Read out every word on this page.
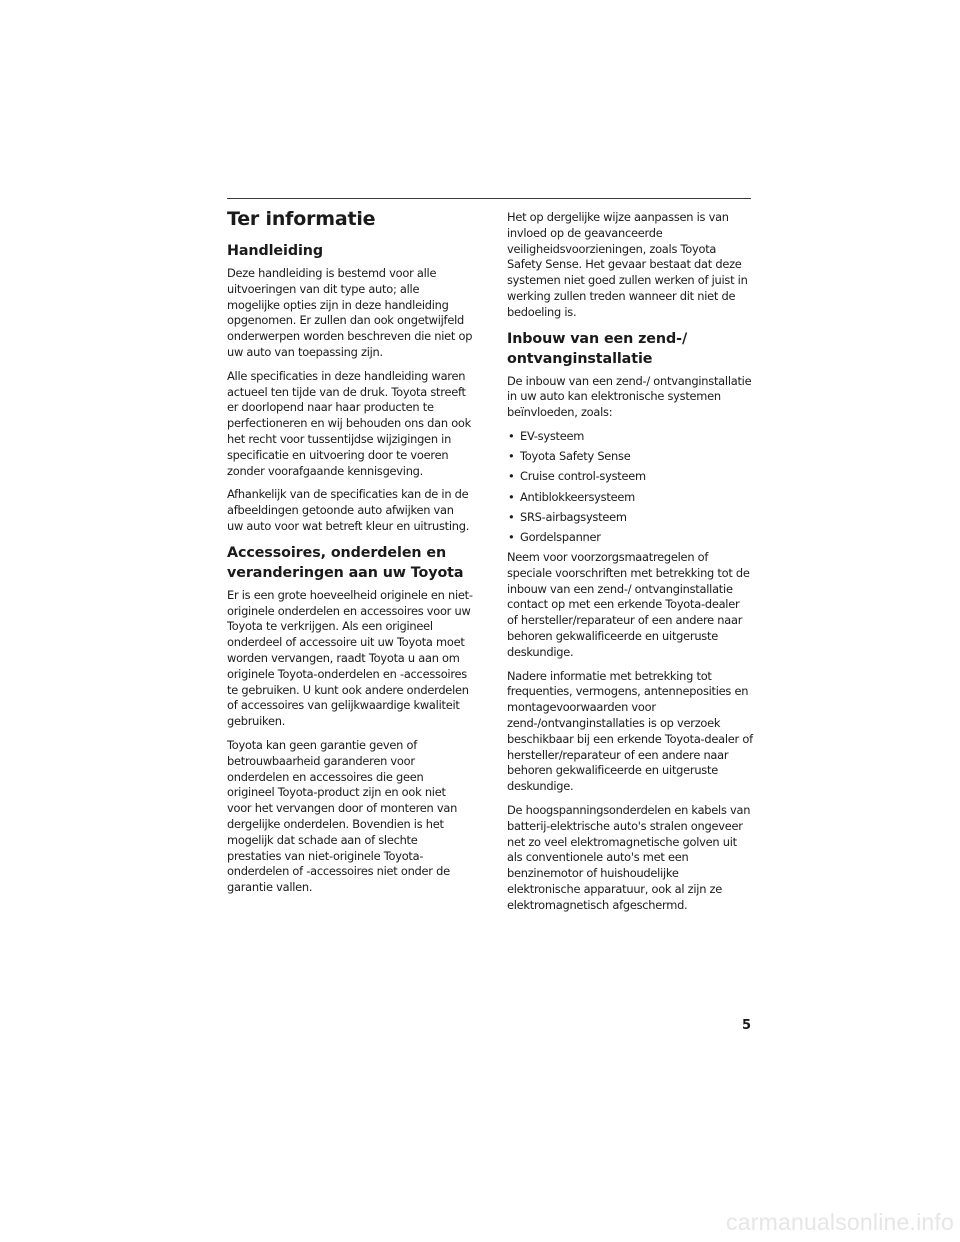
Ter informatie
Handleiding

Deze handleiding is bestemd voor alle uitvoeringen van dit type auto; alle mogelijke opties zijn in deze handleiding opgenomen. Er zullen dan ook ongetwijfeld onderwerpen worden beschreven die niet op uw auto van toepassing zijn.

Alle specificaties in deze handleiding waren actueel ten tijde van de druk. Toyota streeft er doorlopend naar haar producten te perfectioneren en wij behouden ons dan ook het recht voor tussentijdse wijzigingen in specificatie en uitvoering door te voeren zonder voorafgaande kennisgeving.

Afhankelijk van de specificaties kan de in de afbeeldingen getoonde auto afwijken van uw auto voor wat betreft kleur en uitrusting.

Accessoires, onderdelen en veranderingen aan uw Toyota

Er is een grote hoeveelheid originele en niet-originele onderdelen en accessoires voor uw Toyota te verkrijgen. Als een origineel onderdeel of accessoire uit uw Toyota moet worden vervangen, raadt Toyota u aan om originele Toyota-onderdelen en -accessoires te gebruiken. U kunt ook andere onderdelen of accessoires van gelijkwaardige kwaliteit gebruiken.

Toyota kan geen garantie geven of betrouwbaarheid garanderen voor onderdelen en accessoires die geen origineel Toyota-product zijn en ook niet voor het vervangen door of monteren van dergelijke onderdelen. Bovendien is het mogelijk dat schade aan of slechte prestaties van niet-originele Toyota-onderdelen of -accessoires niet onder de garantie vallen.

Het op dergelijke wijze aanpassen is van invloed op de geavanceerde veiligheidsvoorzieningen, zoals Toyota Safety Sense. Het gevaar bestaat dat deze systemen niet goed zullen werken of juist in werking zullen treden wanneer dit niet de bedoeling is.

Inbouw van een zend-/ ontvanginstallatie

De inbouw van een zend-/ ontvanginstallatie in uw auto kan elektronische systemen beïnvloeden, zoals:

• EV-systeem
• Toyota Safety Sense
• Cruise control-systeem
• Antiblokkeersysteem
• SRS-airbagsysteem
• Gordelspanner

Neem voor voorzorgsmaatregelen of speciale voorschriften met betrekking tot de inbouw van een zend-/ ontvanginstallatie contact op met een erkende Toyota-dealer of hersteller/reparateur of een andere naar behoren gekwalificeerde en uitgeruste deskundige.

Nadere informatie met betrekking tot frequenties, vermogens, antenneposities en montagevoorwaarden voor zend-/ontvanginstallaties is op verzoek beschikbaar bij een erkende Toyota-dealer of hersteller/reparateur of een andere naar behoren gekwalificeerde en uitgeruste deskundige.

De hoogspanningsonderdelen en kabels van batterij-elektrische auto's stralen ongeveer net zo veel elektromagnetische golven uit als conventionele auto's met een benzinemotor of huishoudelijke elektronische apparatuur, ook al zijn ze elektromagnetisch afgeschermd.

5
carmanualsonline.info
